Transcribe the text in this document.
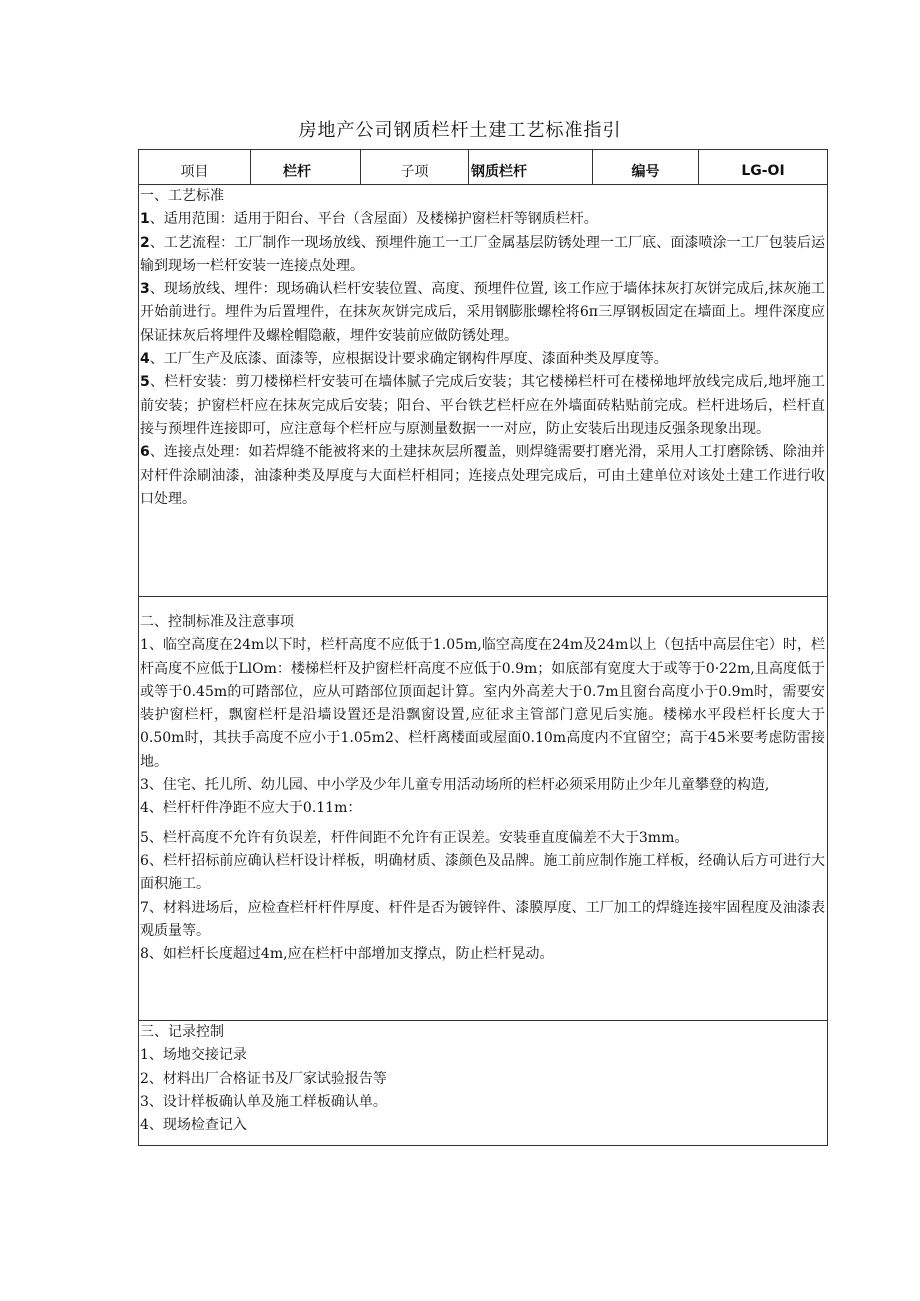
房地产公司钢质栏杆土建工艺标准指引
项目	栏杆	子项	钢质栏杆	编号	LG-OI
一、工艺标准
1、适用范围：适用于阳台、平台（含屋面）及楼梯护窗栏杆等钢质栏杆。
2、工艺流程：工厂制作一现场放线、预埋件施工一工厂金属基层防锈处理一工厂底、面漆喷涂一工厂包装后运输到现场一栏杆安装一连接点处理。
3、现场放线、埋件：现场确认栏杆安装位置、高度、预埋件位置, 该工作应于墙体抹灰打灰饼完成后,抹灰施工开始前进行。埋件为后置埋件，在抹灰灰饼完成后，采用钢膨胀螺栓将6π三厚钢板固定在墙面上。埋件深度应保证抹灰后将埋件及螺栓帽隐蔽，埋件安装前应做防锈处理。
4、工厂生产及底漆、面漆等，应根据设计要求确定钢构件厚度、漆面种类及厚度等。
5、栏杆安装：剪刀楼梯栏杆安装可在墙体腻子完成后安装；其它楼梯栏杆可在楼梯地坪放线完成后,地坪施工前安装；护窗栏杆应在抹灰完成后安装；阳台、平台铁艺栏杆应在外墙面砖粘贴前完成。栏杆进场后，栏杆直接与预埋件连接即可，应注意每个栏杆应与原测量数据一一对应，防止安装后出现违反强条现象出现。
6、连接点处理：如若焊缝不能被将来的土建抹灰层所覆盖，则焊缝需要打磨光滑，采用人工打磨除锈、除油并对杆件涂刷油漆，油漆种类及厚度与大面栏杆相同；连接点处理完成后，可由土建单位对该处土建工作进行收口处理。
二、控制标准及注意事项
1、临空高度在24m以下时，栏杆高度不应低于1.05m,临空高度在24m及24m以上（包括中高层住宅）时，栏杆高度不应低于LlOm：楼梯栏杆及护窗栏杆高度不应低于0.9m；如底部有宽度大于或等于0·22m,且高度低于或等于0.45m的可踏部位，应从可踏部位顶面起计算。室内外高差大于0.7m且窗台高度小于0.9m时，需要安装护窗栏杆，飘窗栏杆是沿墙设置还是沿飘窗设置,应征求主管部门意见后实施。楼梯水平段栏杆长度大于0.50m时，其扶手高度不应小于1.05m2、栏杆离楼面或屋面0.10m高度内不宜留空；高于45米要考虑防雷接地。
3、住宅、托儿所、幼儿园、中小学及少年儿童专用活动场所的栏杆必须采用防止少年儿童攀登的构造,
4、栏杆杆件净距不应大于0.11m：
5、栏杆高度不允许有负误差，杆件间距不允许有正误差。安装垂直度偏差不大于3mm。
6、栏杆招标前应确认栏杆设计样板，明确材质、漆颜色及品牌。施工前应制作施工样板，经确认后方可进行大面积施工。
7、材料进场后，应检查栏杆杆件厚度、杆件是否为镀锌件、漆膜厚度、工厂加工的焊缝连接牢固程度及油漆表观质量等。
8、如栏杆长度超过4m,应在栏杆中部增加支撑点，防止栏杆晃动。
三、记录控制
1、场地交接记录
2、材料出厂合格证书及厂家试验报告等
3、设计样板确认单及施工样板确认单。
4、现场检查记入
